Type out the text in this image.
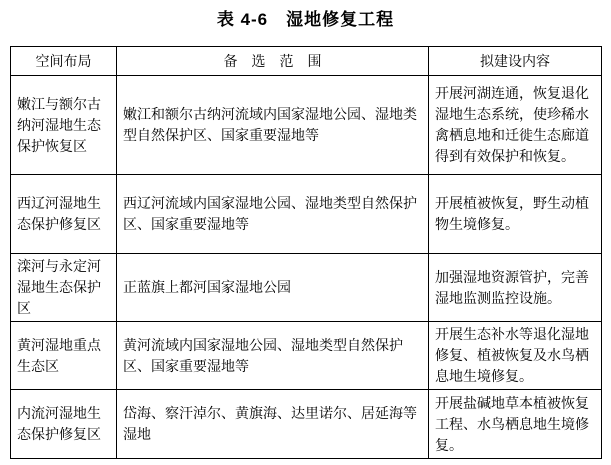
表 4-6　湿地修复工程
空间布局	备　选　范　围	拟建设内容
嫩江与额尔古纳河湿地生态保护恢复区	嫩江和额尔古纳河流域内国家湿地公园、湿地类型自然保护区、国家重要湿地等	开展河湖连通，恢复退化湿地生态系统，使珍稀水禽栖息地和迁徙生态廊道得到有效保护和恢复。
西辽河湿地生态保护修复区	西辽河流域内国家湿地公园、湿地类型自然保护区、国家重要湿地等	开展植被恢复，野生动植物生境修复。
滦河与永定河湿地生态保护区	正蓝旗上都河国家湿地公园	加强湿地资源管护，完善湿地监测监控设施。
黄河湿地重点生态区	黄河流域内国家湿地公园、湿地类型自然保护区、国家重要湿地等	开展生态补水等退化湿地修复、植被恢复及水鸟栖息地生境修复。
内流河湿地生态保护修复区	岱海、察汗淖尔、黄旗海、达里诺尔、居延海等湿地	开展盐碱地草本植被恢复工程、水鸟栖息地生境修复。
